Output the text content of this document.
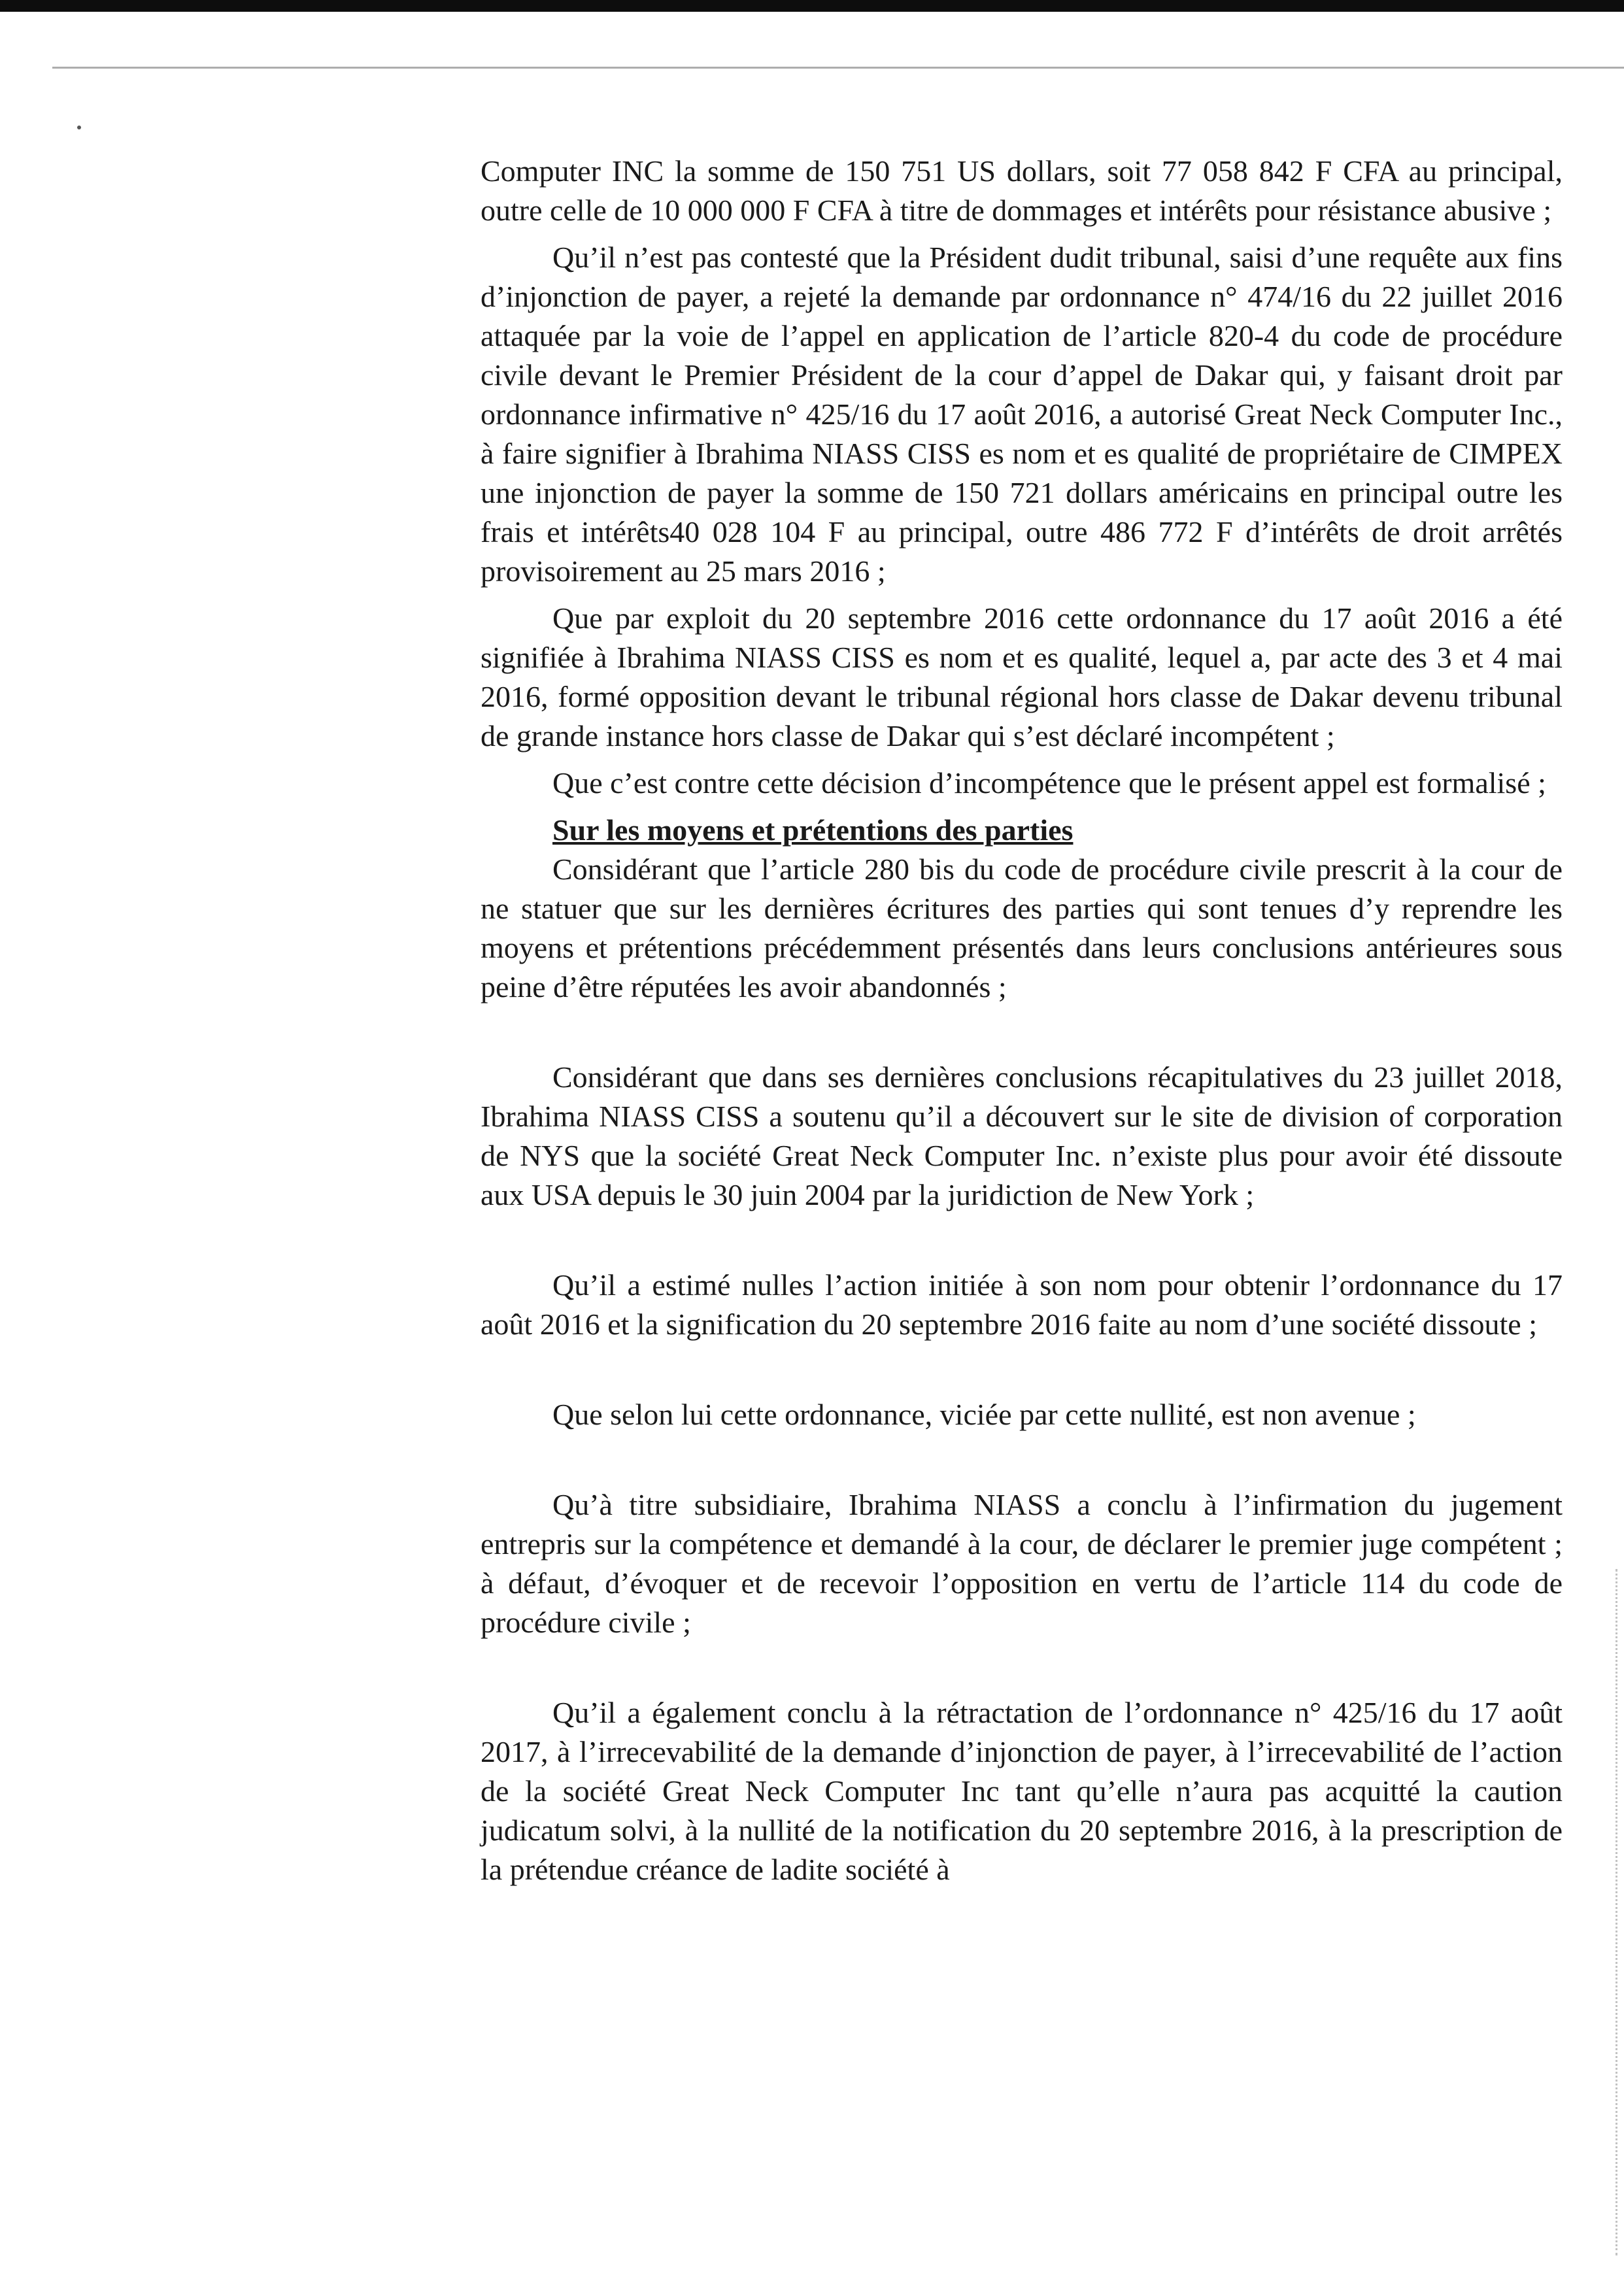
Computer INC la somme de 150 751 US dollars, soit 77 058 842 F CFA au principal, outre celle de 10 000 000 F CFA à titre de dommages et intérêts pour résistance abusive ;

Qu’il n’est pas contesté que la Président dudit tribunal, saisi d’une requête aux fins d’injonction de payer, a rejeté la demande par ordonnance n° 474/16 du 22 juillet 2016 attaquée par la voie de l’appel en application de l’article 820-4 du code de procédure civile devant le Premier Président de la cour d’appel de Dakar qui, y faisant droit par ordonnance infirmative n° 425/16 du 17 août 2016, a autorisé Great Neck Computer Inc., à faire signifier à Ibrahima NIASS CISS es nom et es qualité de propriétaire de CIMPEX une injonction de payer la somme de 150 721 dollars américains en principal outre les frais et intérêts40 028 104 F au principal, outre 486 772 F d’intérêts de droit arrêtés provisoirement au 25 mars 2016 ;

Que par exploit du 20 septembre 2016 cette ordonnance du 17 août 2016 a été signifiée à Ibrahima NIASS CISS es nom et es qualité, lequel a, par acte des 3 et 4 mai 2016, formé opposition devant le tribunal régional hors classe de Dakar devenu tribunal de grande instance hors classe de Dakar qui s’est déclaré incompétent ;

Que c’est contre cette décision d’incompétence que le présent appel est formalisé ;

Sur les moyens et prétentions des parties

Considérant que l’article 280 bis du code de procédure civile prescrit à la cour de ne statuer que sur les dernières écritures des parties qui sont tenues d’y reprendre les moyens et prétentions précédemment présentés dans leurs conclusions antérieures sous peine d’être réputées les avoir abandonnés ;

Considérant que dans ses dernières conclusions récapitulatives du 23 juillet 2018, Ibrahima NIASS CISS a soutenu qu’il a découvert sur le site de division of corporation de NYS que la société Great Neck Computer Inc. n’existe plus pour avoir été dissoute aux USA depuis le 30 juin 2004 par la juridiction de New York ;

Qu’il a estimé nulles l’action initiée à son nom pour obtenir l’ordonnance du 17 août 2016 et la signification du 20 septembre 2016 faite au nom d’une société dissoute ;

Que selon lui cette ordonnance, viciée par cette nullité, est non avenue ;

Qu’à titre subsidiaire, Ibrahima NIASS a conclu à l’infirmation du jugement entrepris sur la compétence et demandé à la cour, de déclarer le premier juge compétent ; à défaut, d’évoquer et de recevoir l’opposition en vertu de l’article 114 du code de procédure civile ;

Qu’il a également conclu à la rétractation de l’ordonnance n° 425/16 du 17 août 2017, à l’irrecevabilité de la demande d’injonction de payer, à l’irrecevabilité de l’action de la société Great Neck Computer Inc tant qu’elle n’aura pas acquitté la caution judicatum solvi, à la nullité de la notification du 20 septembre 2016, à la prescription de la prétendue créance de ladite société à
